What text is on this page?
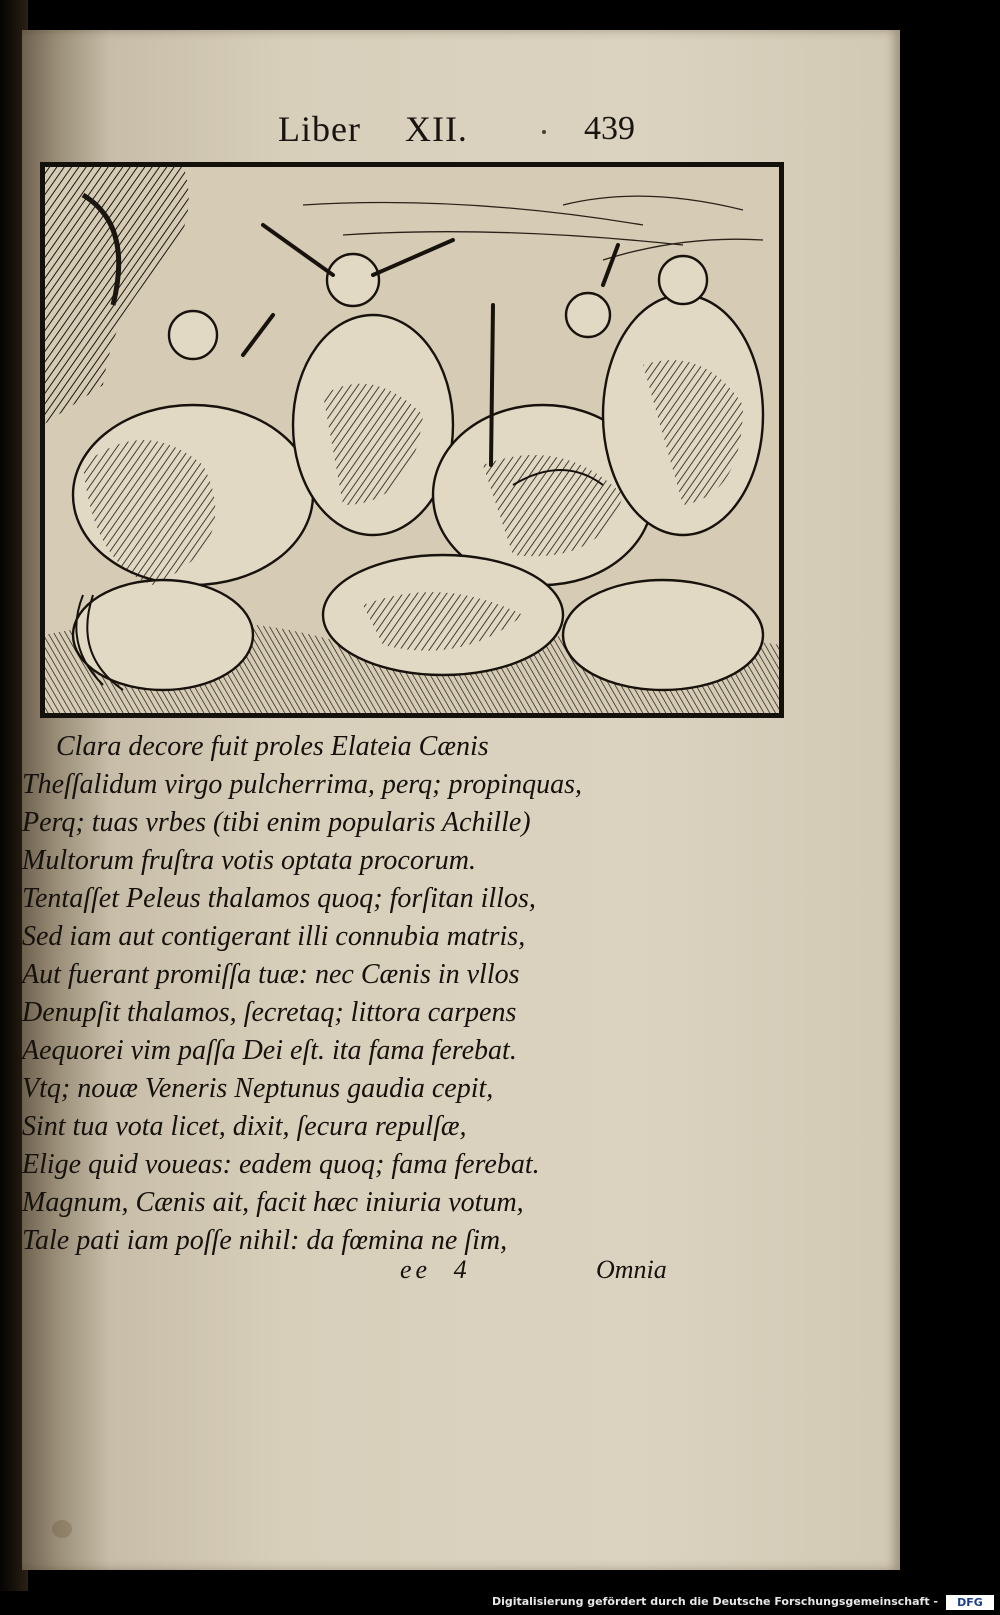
Liber XII.	439
Clara decore fuit proles Elateia Cænis
Theſſalidum virgo pulcherrima, perq; propinquas,
Perq; tuas vrbes (tibi enim popularis Achille)
Multorum fruſtra votis optata procorum.
Tentaſſet Peleus thalamos quoq; forſitan illos,
Sed iam aut contigerant illi connubia matris,
Aut fuerant promiſſa tuæ: nec Cænis in vllos
Denupſit thalamos, ſecretaq; littora carpens
Aequorei vim paſſa Dei eſt. ita fama ferebat.
Vtq; nouæ Veneris Neptunus gaudia cepit,
Sint tua vota licet, dixit, ſecura repulſæ,
Elige quid voueas: eadem quoq; fama ferebat.
Magnum, Cænis ait, facit hæc iniuria votum,
Tale pati iam poſſe nihil: da fœmina ne ſim,
ee 4	Omnia
Digitalisierung gefördert durch die Deutsche Forschungsgemeinschaft -	DFG
